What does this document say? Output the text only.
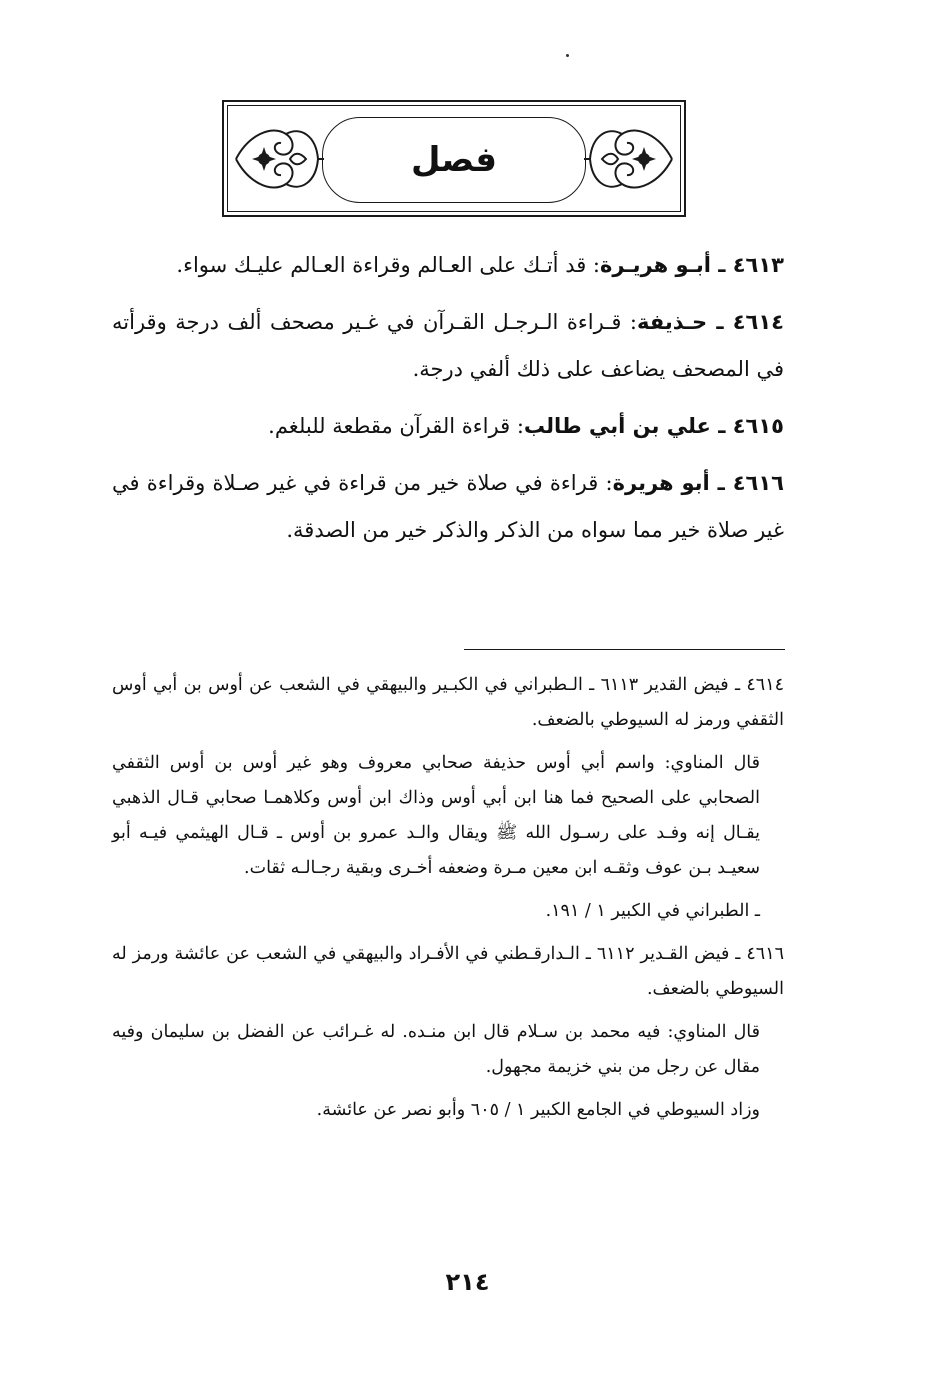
فصل

٤٦١٣ ـ أبـو هريـرة: قد أتـك على العـالم وقراءة العـالم عليـك سواء.

٤٦١٤ ـ حـذيفة: قـراءة الـرجـل القـرآن في غـير مصحف ألف درجة وقرأته في المصحف يضاعف على ذلك ألفي درجة.

٤٦١٥ ـ علي بن أبي طالب: قراءة القرآن مقطعة للبلغم.

٤٦١٦ ـ أبو هريرة: قراءة في صلاة خير من قراءة في غير صـلاة وقراءة في غير صلاة خير مما سواه من الذكر والذكر خير من الصدقة.

٤٦١٤ ـ فيض القدير ٦١١٣ ـ الـطبراني في الكبـير والبيهقي في الشعب عن أوس بن أبي أوس الثقفي ورمز له السيوطي بالضعف.

قال المناوي: واسم أبي أوس حذيفة صحابي معروف وهو غير أوس بن أوس الثقفي الصحابي على الصحيح فما هنا ابن أبي أوس وذاك ابن أوس وكلاهمـا صحابي قـال الذهبي يقـال إنه وفـد على رسـول الله ﷺ ويقال والـد عمرو بن أوس ـ قـال الهيثمي فيـه أبو سعيـد بـن عوف وثقـه ابن معين مـرة وضعفه أخـرى وبقية رجـالـه ثقات.

ـ الطبراني في الكبير ١ / ١٩١.

٤٦١٦ ـ فيض القـدير ٦١١٢ ـ الـدارقـطني في الأفـراد والبيهقي في الشعب عن عائشة ورمز له السيوطي بالضعف.

قال المناوي: فيه محمد بن سـلام قال ابن منـده. له غـرائب عن الفضل بن سليمان وفيه مقال عن رجل من بني خزيمة مجهول.

وزاد السيوطي في الجامع الكبير ١ / ٦٠٥ وأبو نصر عن عائشة.

٢١٤
